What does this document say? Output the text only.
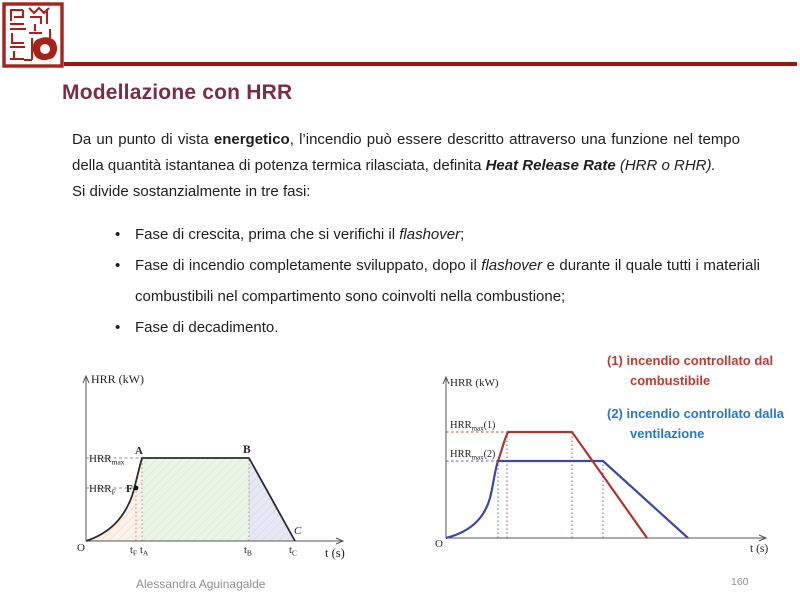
Modellazione con HRR
Da un punto di vista energetico, l’incendio può essere descritto attraverso una funzione nel tempo della quantità istantanea di potenza termica rilasciata, definita Heat Release Rate (HRR o RHR).
Si divide sostanzialmente in tre fasi:
• Fase di crescita, prima che si verifichi il flashover;
• Fase di incendio completamente sviluppato, dopo il flashover e durante il quale tutti i materiali combustibili nel compartimento sono coinvolti nella combustione;
• Fase di decadimento.
HRR (kW)
O
$HRR_{max}$
$HRR_F$
A	B
C
F
$t_F$ $t_A$	$t_B$	$t_C$ t (s)
HRR (kW)
O
$HRR_{max}(1)$
$HRR_{max}(2)$
t (s)
(1) incendio controllato dal combustibile
(2) incendio controllato dalla ventilazione
Alessandra Aguinagalde	160
